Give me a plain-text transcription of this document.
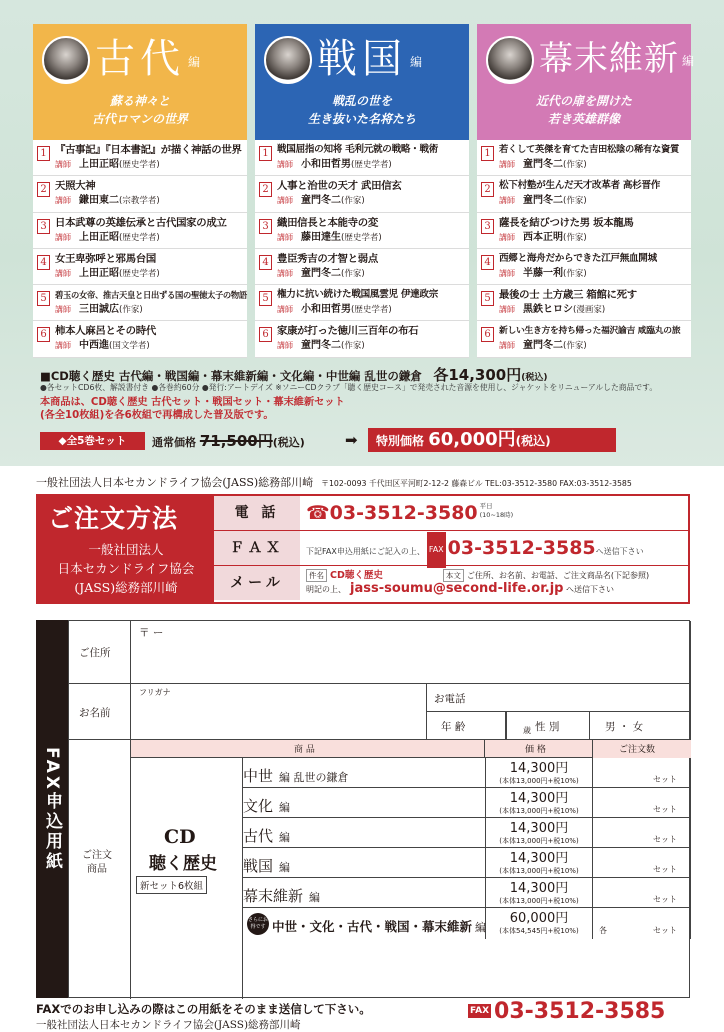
古代 編
蘇る神々と
古代ロマンの世界
1 『古事記』『日本書記』が描く神話の世界
講師 上田正昭(歴史学者)
2 天照大神
講師 鎌田東二(宗教学者)
3 日本武尊の英雄伝承と古代国家の成立
講師 上田正昭(歴史学者)
4 女王卑弥呼と邪馬台国
講師 上田正昭(歴史学者)
5	碧玉の女帝、推古天皇と日出ずる国の聖徳太子の物語
講師 三田誠広(作家)
6 柿本人麻呂とその時代
講師 中西進(国文学者)
戦国 編
戦乱の世を
生き抜いた名将たち
1 戦国屈指の知将 毛利元就の戦略・戦術
講師 小和田哲男(歴史学者)
2 人事と治世の天才 武田信玄
講師 童門冬二(作家)
3 織田信長と本能寺の変
講師 藤田達生(歴史学者)
4 豊臣秀吉の才智と弱点
講師 童門冬二(作家)
5 権力に抗い続けた戦国風雲児 伊達政宗
講師 小和田哲男(歴史学者)
6 家康が打った徳川三百年の布石
講師 童門冬二(作家)
幕末維新 編
近代の扉を開けた
若き英雄群像
1 若くして英傑を育てた吉田松陰の稀有な資質
講師 童門冬二(作家)
2 松下村塾が生んだ天才改革者 高杉晋作
講師 童門冬二(作家)
3 薩長を結びつけた男 坂本龍馬
講師 西本正明(作家)
4 西郷と海舟だからできた江戸無血開城
講師 半藤一利(作家)
5 最後の士 土方歳三 箱館に死す
講師 黒鉄ヒロシ(漫画家)
6 新しい生き方を持ち帰った福沢諭吉 咸臨丸の旅
講師 童門冬二(作家)
■CD聴く歴史 古代編・戦国編・幕末維新編・文化編・中世編 乱世の鎌倉　 各14,300円(税込)
●各セットCD6枚、解説書付き ●各巻約60分 ●発行:アートデイズ ※ソニーCDクラブ「聴く歴史コース」で発売された音源を使用し、ジャケットをリニューアルした商品です。
本商品は、CD聴く歴史 古代セット・戦国セット・幕末維新セット
(各全10枚組)を各6枚組で再構成した普及版です。
◆全5巻セット	通常価格 71,500円(税込)	➡	特別価格 60,000円(税込)
一般社団法人日本セカンドライフ協会(JASS)総務部川崎 〒102-0093 千代田区平河町2-12-2 藤森ビル TEL:03-3512-3580 FAX:03-3512-3585
ご注文方法
一般社団法人
日本セカンドライフ協会
(JASS)総務部川崎
電 話	☎03-3512-3580 平日
(10~18時)
ＦＡＸ	下記FAX申込用紙にご記入の上、 FAX 03-3512-3585へ送信下さい
メール	件名 CD聴く歴史	本文 ご住所、お名前、お電話、ご注文商品名(下記参照)
明記の上、 jass-soumu@second-life.or.jp へ送信下さい
FAX申込用紙
ご住所
〒 ー
お名前
フリガナ
お電話
年 齢	歳 性 別	男 ・ 女
商 品	価 格	ご注文数
ご注文
商品
CD
聴く歴史
新セット6枚組
中世 編 乱世の鎌倉
14,300円
(本体13,000円+税10%)	セット
文化 編
14,300円
(本体13,000円+税10%)	セット
古代 編
14,300円
(本体13,000円+税10%)	セット
戦国 編
14,300円
(本体13,000円+税10%)	セット
幕末維新 編
14,300円
(本体13,000円+税10%)	セット
さらにお得です 中世・文化・古代・戦国・幕末維新 編
60,000円
(本体54,545円+税10%)	各	セット
FAXでのお申し込みの際はこの用紙をそのまま送信して下さい。
一般社団法人日本セカンドライフ協会(JASS)総務部川崎
FAX 03-3512-3585
